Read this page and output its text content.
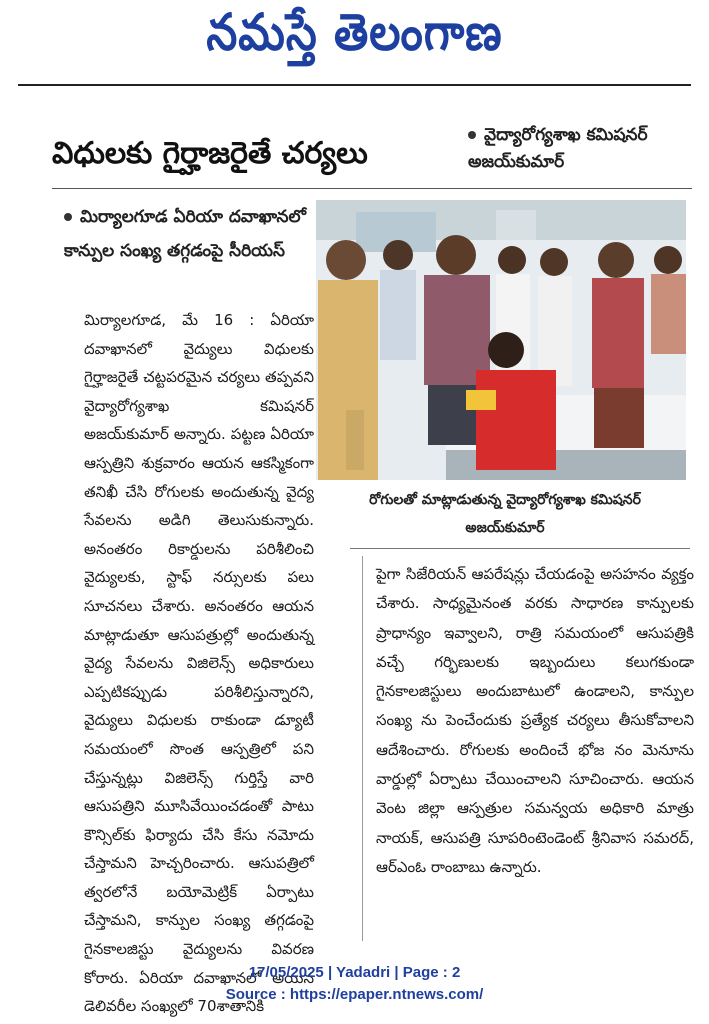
నమస్తే తెలంగాణ
విధులకు గైర్హాజరైతే చర్యలు
వైద్యారోగ్యశాఖ కమిషనర్ అజయ్‌కుమార్
మిర్యాలగూడ ఏరియా దవాఖానలో కాన్పుల సంఖ్య తగ్గడంపై సీరియస్
రోగులతో మాట్లాడుతున్న వైద్యారోగ్యశాఖ కమిషనర్ అజయ్‌కుమార్
మిర్యాలగూడ, మే 16 : ఏరియా దవాఖానలో వైద్యులు విధులకు గైర్హాజరైతే చట్టపరమైన చర్యలు తప్పవని వైద్యారోగ్యశాఖ కమిషనర్ అజయ్‌కుమార్ అన్నారు. పట్టణ ఏరియా ఆస్పత్రిని శుక్రవారం ఆయన ఆకస్మికంగా తనిఖీ చేసి రోగులకు అందుతున్న వైద్య సేవలను అడిగి తెలుసుకున్నారు. అనంతరం రికార్డులను పరిశీలించి వైద్యులకు, స్టాఫ్ నర్సులకు పలు సూచనలు చేశారు. అనంతరం ఆయన మాట్లాడుతూ ఆసుపత్రుల్లో అందుతున్న వైద్య సేవలను విజిలెన్స్ అధికారులు ఎప్పటికప్పుడు పరిశీలిస్తున్నారని, వైద్యులు విధులకు రాకుండా డ్యూటీ సమయంలో సొంత ఆస్పత్రిలో పని చేస్తున్నట్లు విజిలెన్స్ గుర్తిస్తే వారి ఆసుపత్రిని మూసివేయించడంతో పాటు కౌన్సిల్‌కు ఫిర్యాదు చేసి కేసు నమోదు చేస్తామని హెచ్చరించారు. ఆసుపత్రిలో త్వరలోనే బయోమెట్రిక్ ఏర్పాటు చేస్తామని, కాన్పుల సంఖ్య తగ్గడంపై గైనకాలజిస్టు వైద్యులను వివరణ కోరారు. ఏరియా దవాఖానలో అయిన డెలివరీల సంఖ్యలో 70శాతానికి
పైగా సిజేరియన్ ఆపరేషన్లు చేయడంపై అసహనం వ్యక్తం చేశారు. సాధ్యమైనంత వరకు సాధారణ కాన్పులకు ప్రాధాన్యం ఇవ్వాలని, రాత్రి సమయంలో ఆసుపత్రికి వచ్చే గర్భిణులకు ఇబ్బందులు కలుగకుండా గైనకాలజిస్టులు అందుబాటులో ఉండాలని, కాన్పుల సంఖ్య ను పెంచేందుకు ప్రత్యేక చర్యలు తీసుకోవాలని ఆదేశించారు. రోగులకు అందించే భోజ నం మెనూను వార్డుల్లో ఏర్పాటు చేయించాలని సూచించారు. ఆయన వెంట జిల్లా ఆస్పత్రుల సమన్వయ అధికారి మాత్రు నాయక్, ఆసుపత్రి సూపరింటెండెంట్ శ్రీనివాస సమరద్, ఆర్ఎంఓ రాంబాబు ఉన్నారు.
17/05/2025 | Yadadri | Page : 2
Source : https://epaper.ntnews.com/
